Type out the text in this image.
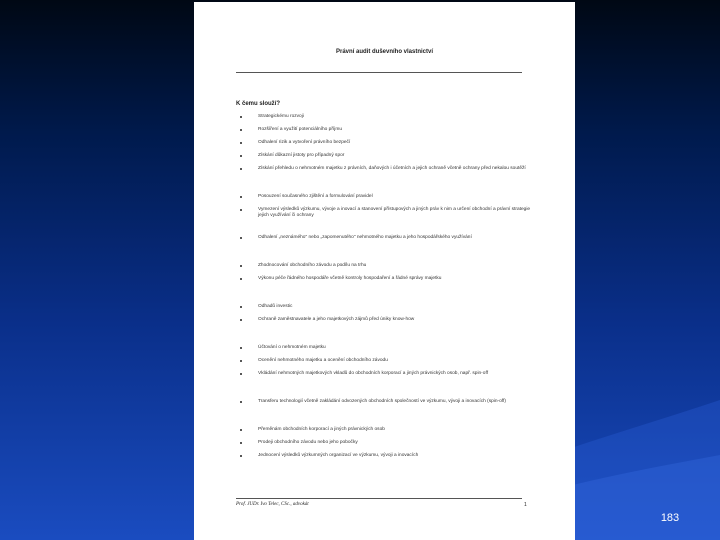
Právní audit duševního vlastnictví
K čemu slouží?
Strategickému rozvoji
Rozšíření a využití potenciálního příjmu
Odhalení rizik a vytvoření právního bezpečí
Získání důkazní jistoty pro případný spor
Získání přehledu o nehmotném majetku z právních, daňových i účetních a jejich ochraně včetně ochrany před nekalou soutěží
Posouzení současného zjištění a formulování pravidel
Vymezení výsledků výzkumu, vývoje a inovací a stanovení přístupových a jiných práv k nim a určení obchodní a právní strategie jejich využívání či ochrany
Odhalení „neznámého" nebo „zapomenutého" nehmotného majetku a jeho hospodářského využívání
Zhodnocování obchodního závodu a podílu na trhu
Výkonu péče řádného hospodáře včetně kontroly hospodaření a řádné správy majetku
Odhadů investic
Ochraně zaměstnavatele a jeho majetkových zájmů před úniky know-how
Účtování o nehmotném majetku
Ocenění nehmotného majetku a ocenění obchodního závodu
Vkládání nehmotných majetkových vkladů do obchodních korporací a jiných právnických osob, např. spin-off
Transferu technologií včetně zakládání odvozených obchodních společností ve výzkumu, vývoji a inovacích (spin-off)
Přeměnám obchodních korporací a jiných právnických osob
Prodeji obchodního závodu nebo jeho pobočky
Jednocení výsledků výzkumných organizací ve výzkumu, vývoji a inovacích
Prof. JUDr. Ivo Telec, CSc., advokát	1
183
